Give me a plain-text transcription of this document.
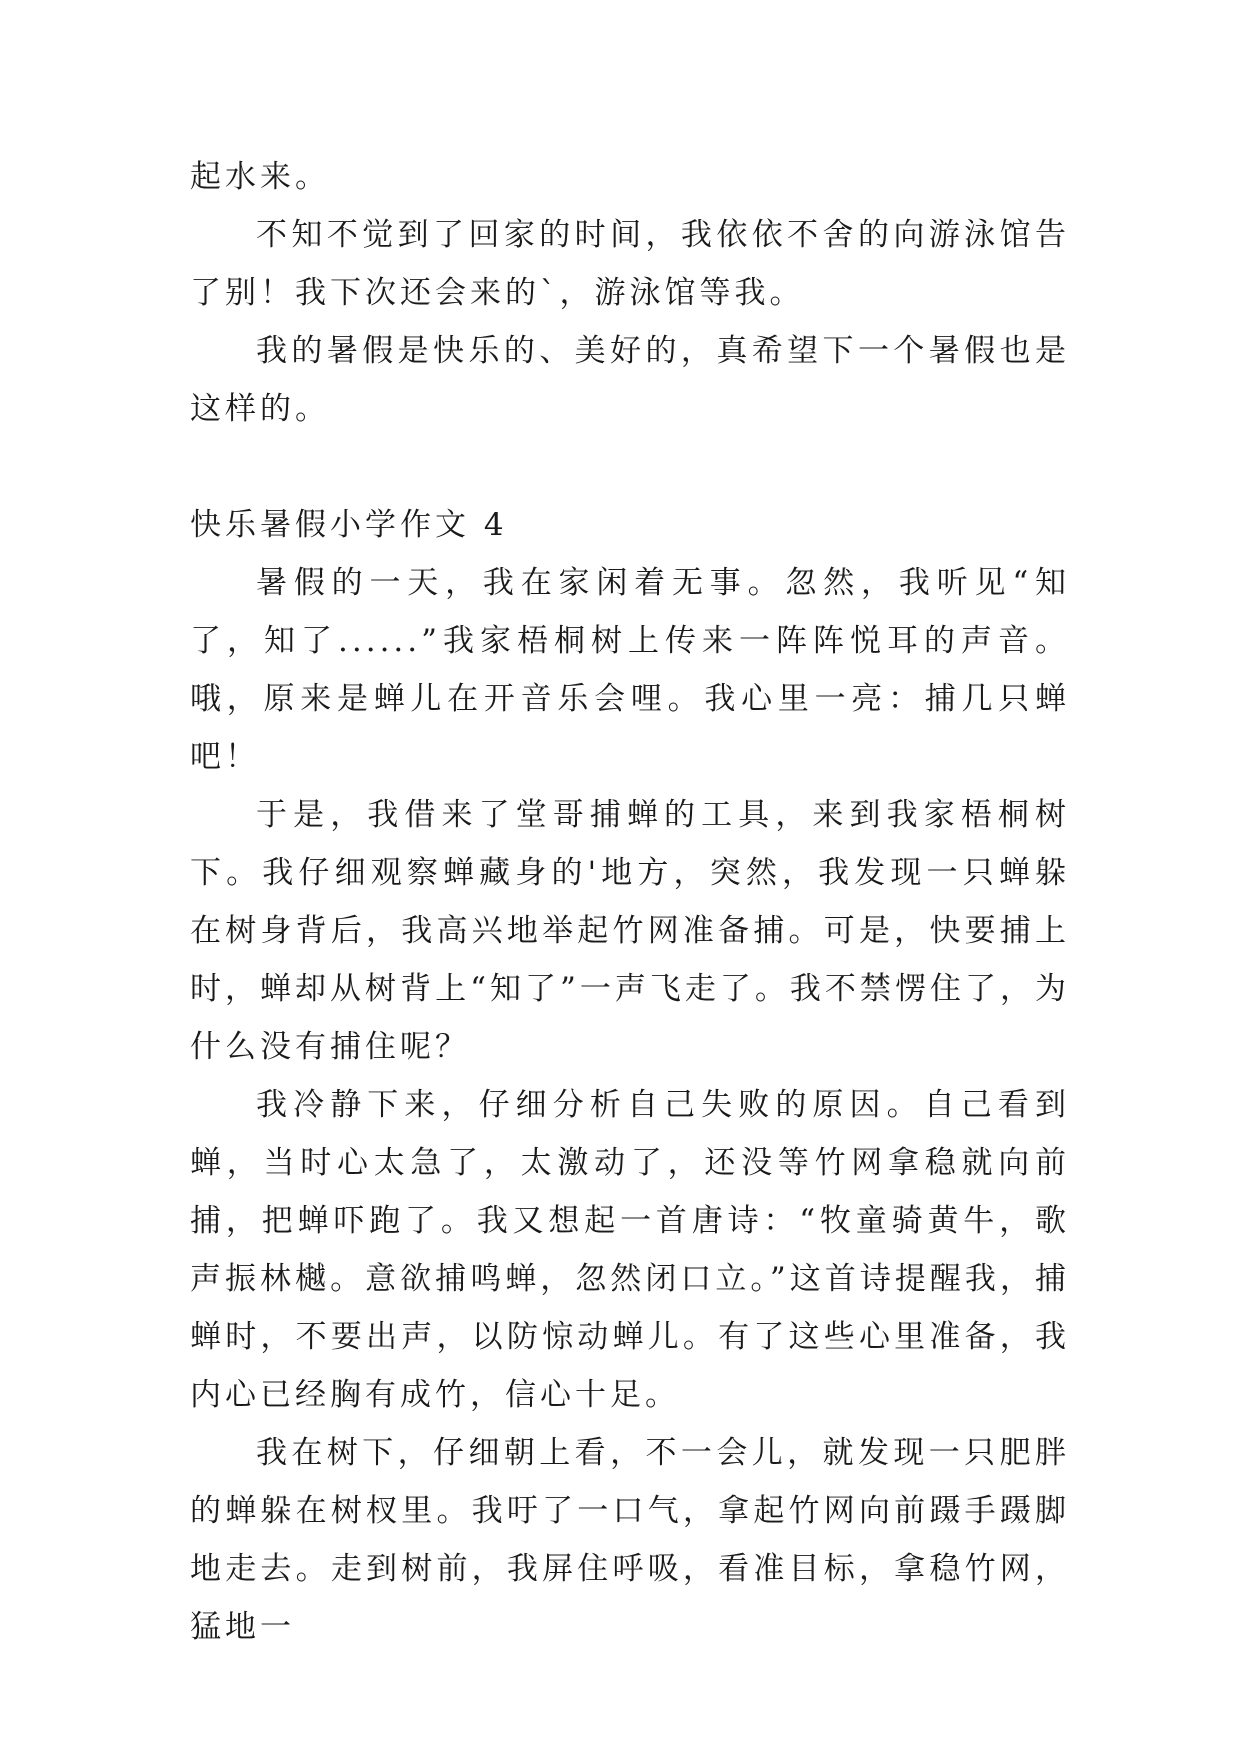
起水来。

不知不觉到了回家的时间，我依依不舍的向游泳馆告了别！我下次还会来的`，游泳馆等我。

我的暑假是快乐的、美好的，真希望下一个暑假也是这样的。

快乐暑假小学作文 4

暑假的一天，我在家闲着无事。忽然，我听见“知了，知了......”我家梧桐树上传来一阵阵悦耳的声音。哦，原来是蝉儿在开音乐会哩。我心里一亮：捕几只蝉吧！

于是，我借来了堂哥捕蝉的工具，来到我家梧桐树下。我仔细观察蝉藏身的'地方，突然，我发现一只蝉躲在树身背后，我高兴地举起竹网准备捕。可是，快要捕上时，蝉却从树背上“知了”一声飞走了。我不禁愣住了，为什么没有捕住呢？

我冷静下来，仔细分析自己失败的原因。自己看到蝉，当时心太急了，太激动了，还没等竹网拿稳就向前捕，把蝉吓跑了。我又想起一首唐诗：“牧童骑黄牛，歌声振林樾。意欲捕鸣蝉，忽然闭口立。”这首诗提醒我，捕蝉时，不要出声，以防惊动蝉儿。有了这些心里准备，我内心已经胸有成竹，信心十足。

我在树下，仔细朝上看，不一会儿，就发现一只肥胖的蝉躲在树杈里。我吁了一口气，拿起竹网向前蹑手蹑脚地走去。走到树前，我屏住呼吸，看准目标，拿稳竹网，猛地一
